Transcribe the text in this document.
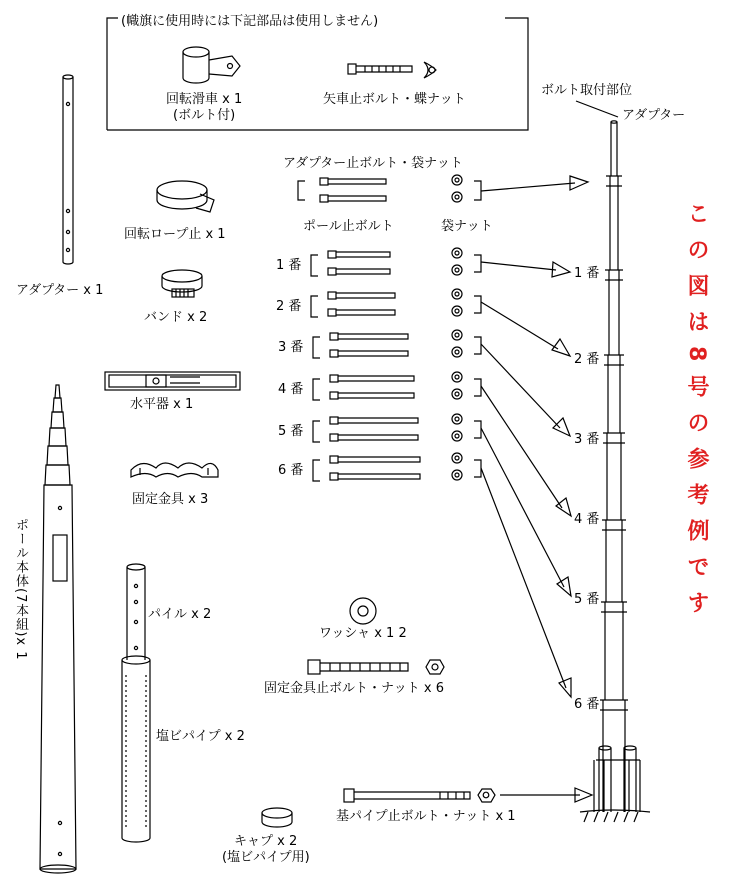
(幟旗に使用時には下記部品は使用しません)
回転滑車 x 1
(ボルト付)
矢車止ボルト・蝶ナット
アダプター x 1
回転ロープ止 x 1
バンド x 2
水平器 x 1
固定金具 x 3
ポール本体(7本組)x 1	パイル x 2
塩ビパイプ x 2
キャプ x 2
(塩ビパイプ用)
ワッシャ x 1 2
固定金具止ボルト・ナット x 6
基パイプ止ボルト・ナット x 1
アダプター止ボルト・袋ナット
ポール止ボルト	袋ナット
1 番
2 番
3 番
4 番
5 番
6 番
ボルト取付部位
アダプター
1 番
2 番
3 番
4 番
5 番
6 番
この図は8号の参考例です
